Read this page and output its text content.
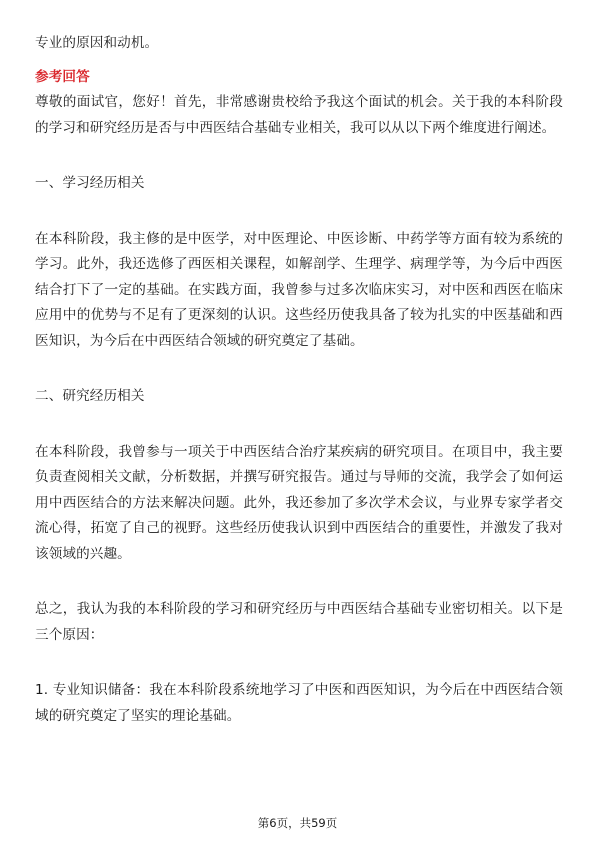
专业的原因和动机。

参考回答

尊敬的面试官，您好！首先，非常感谢贵校给予我这个面试的机会。关于我的本科阶段的学习和研究经历是否与中西医结合基础专业相关，我可以从以下两个维度进行阐述。

一、学习经历相关

在本科阶段，我主修的是中医学，对中医理论、中医诊断、中药学等方面有较为系统的学习。此外，我还选修了西医相关课程，如解剖学、生理学、病理学等，为今后中西医结合打下了一定的基础。在实践方面，我曾参与过多次临床实习，对中医和西医在临床应用中的优势与不足有了更深刻的认识。这些经历使我具备了较为扎实的中医基础和西医知识，为今后在中西医结合领域的研究奠定了基础。

二、研究经历相关

在本科阶段，我曾参与一项关于中西医结合治疗某疾病的研究项目。在项目中，我主要负责查阅相关文献，分析数据，并撰写研究报告。通过与导师的交流，我学会了如何运用中西医结合的方法来解决问题。此外，我还参加了多次学术会议，与业界专家学者交流心得，拓宽了自己的视野。这些经历使我认识到中西医结合的重要性，并激发了我对该领域的兴趣。

总之，我认为我的本科阶段的学习和研究经历与中西医结合基础专业密切相关。以下是三个原因：

1. 专业知识储备：我在本科阶段系统地学习了中医和西医知识，为今后在中西医结合领域的研究奠定了坚实的理论基础。

第6页，共59页
